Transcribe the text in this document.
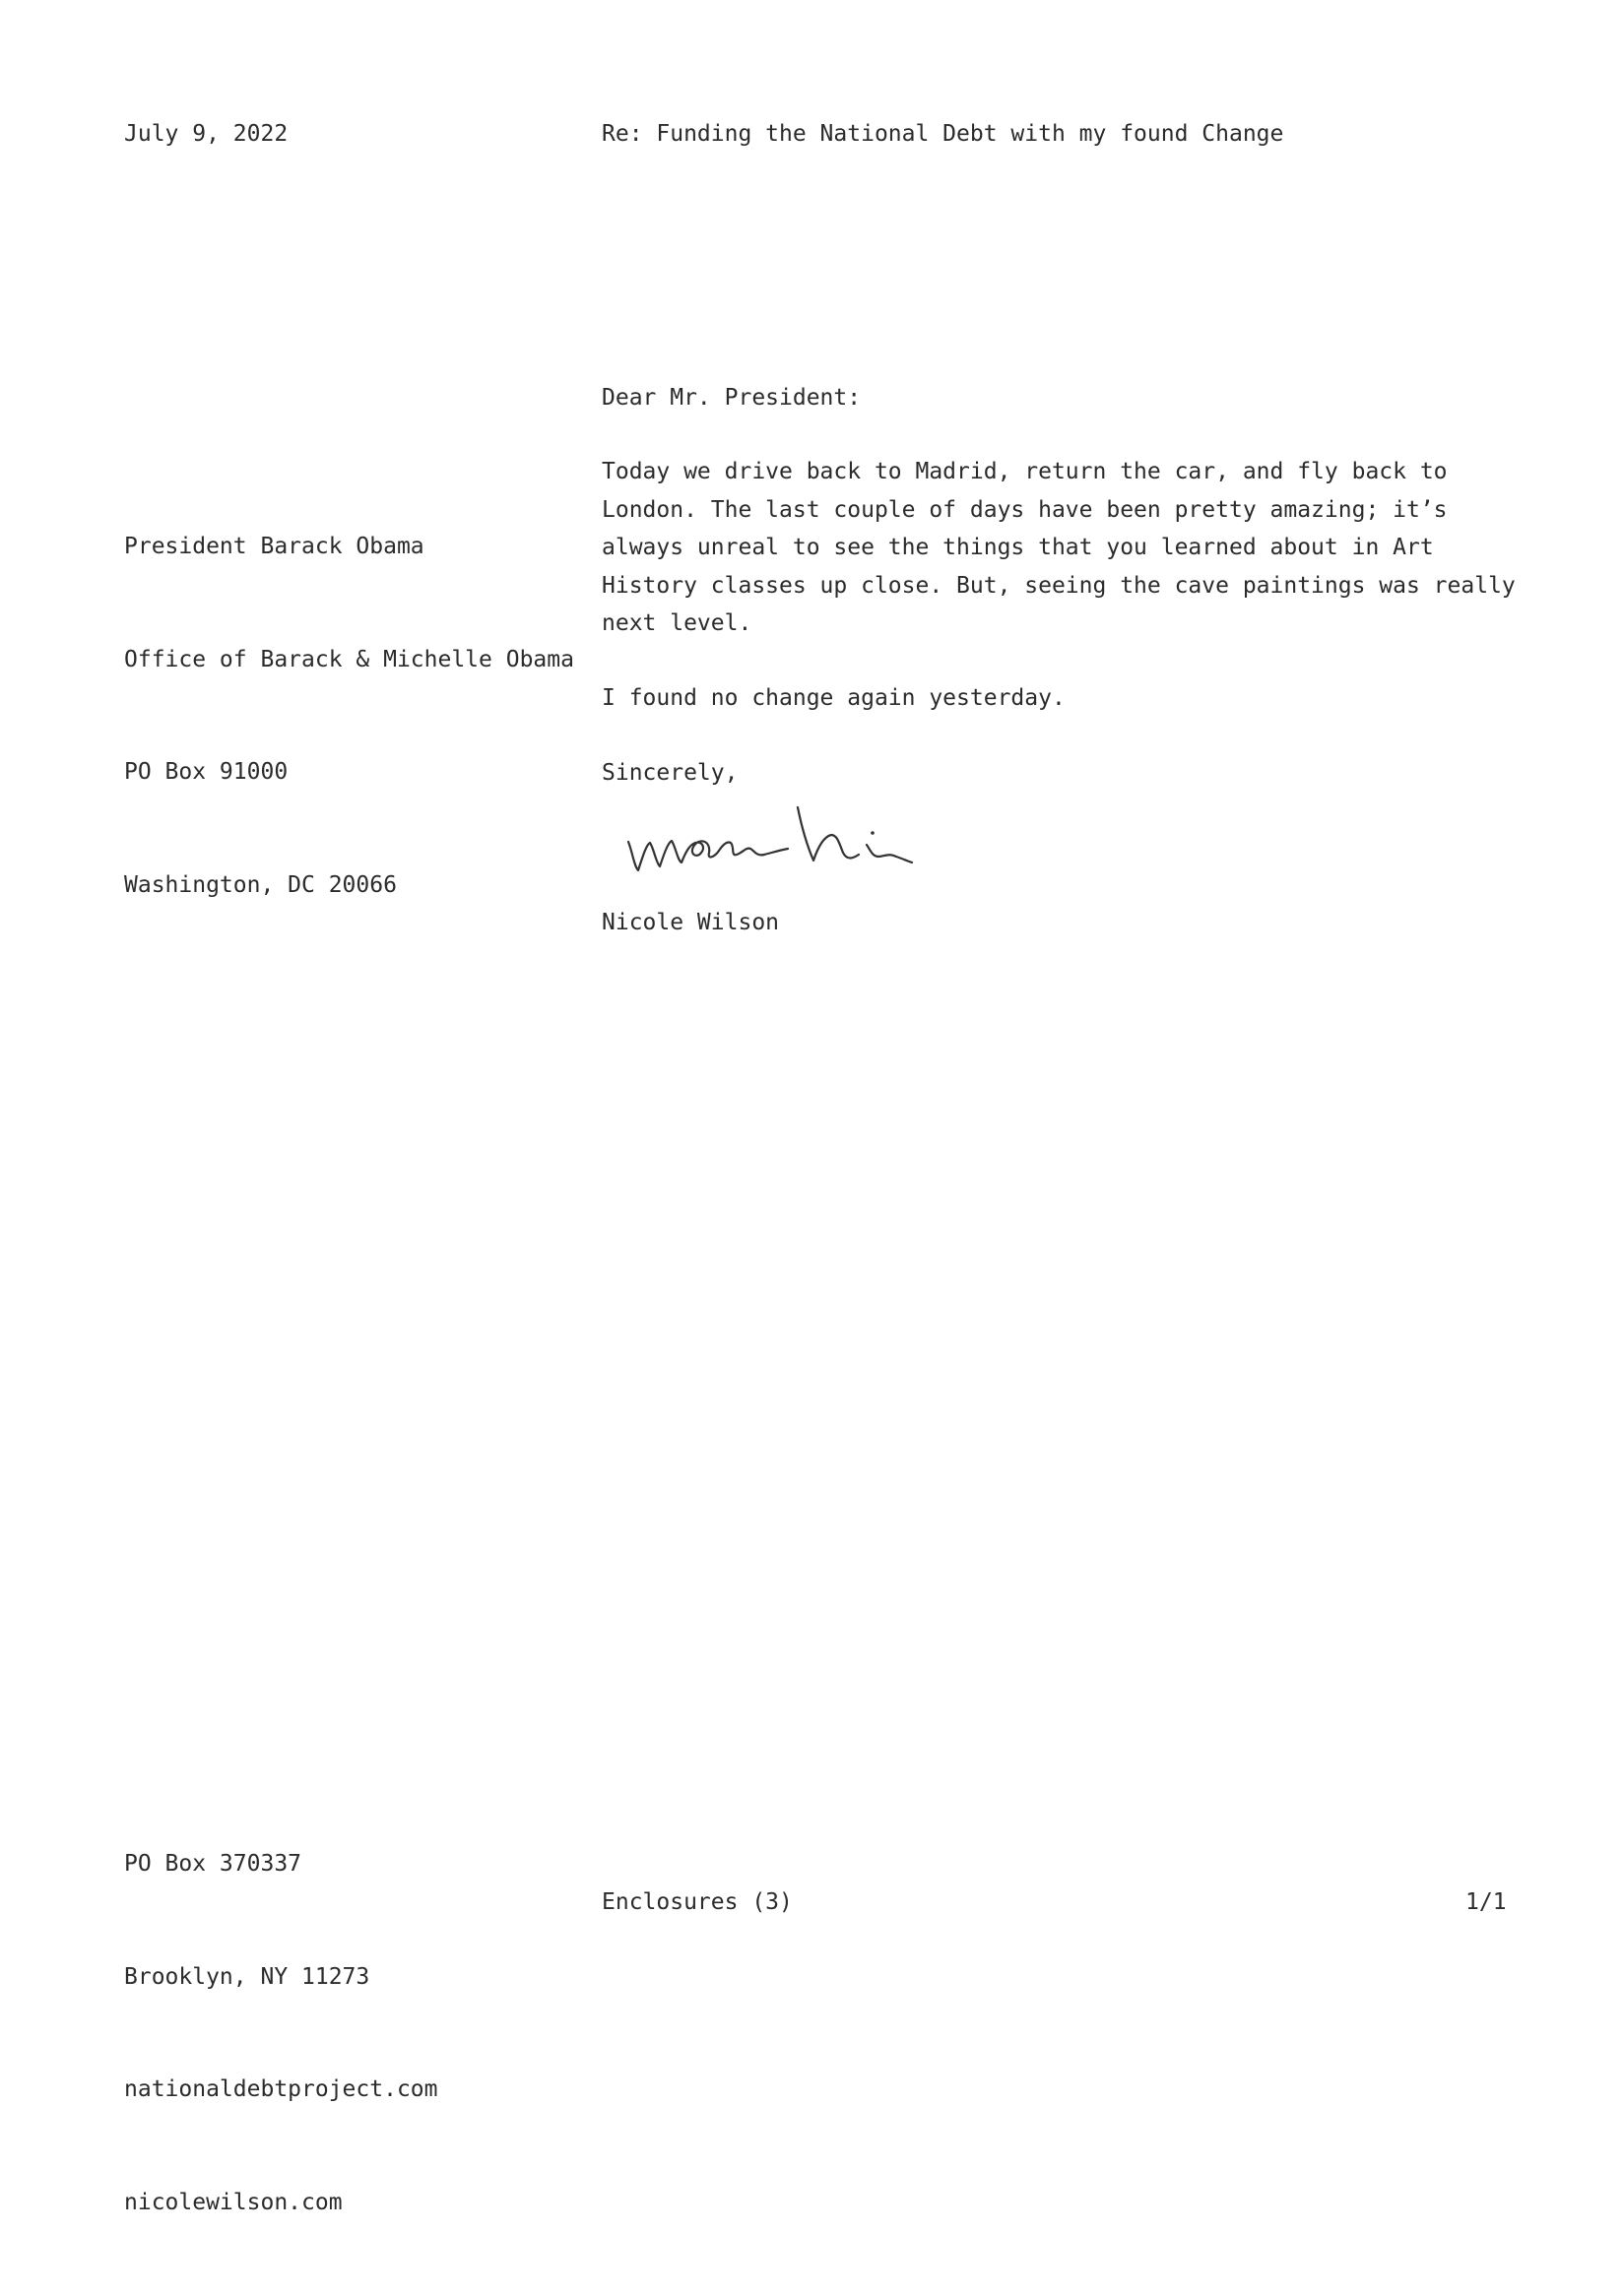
July 9, 2022	Re: Funding the National Debt with my found Change
Dear Mr. President:

President Barack Obama

Office of Barack & Michelle Obama

PO Box 91000

Washington, DC 20066

Today we drive back to Madrid, return the car, and fly back to
London. The last couple of days have been pretty amazing; it’s
always unreal to see the things that you learned about in Art
History classes up close. But, seeing the cave paintings was really
next level.
I found no change again yesterday.
Sincerely,
Nicole Wilson

PO Box 370337

Brooklyn, NY 11273

nationaldebtproject.com

nicolewilson.com

Enclosures (3)	1/1
